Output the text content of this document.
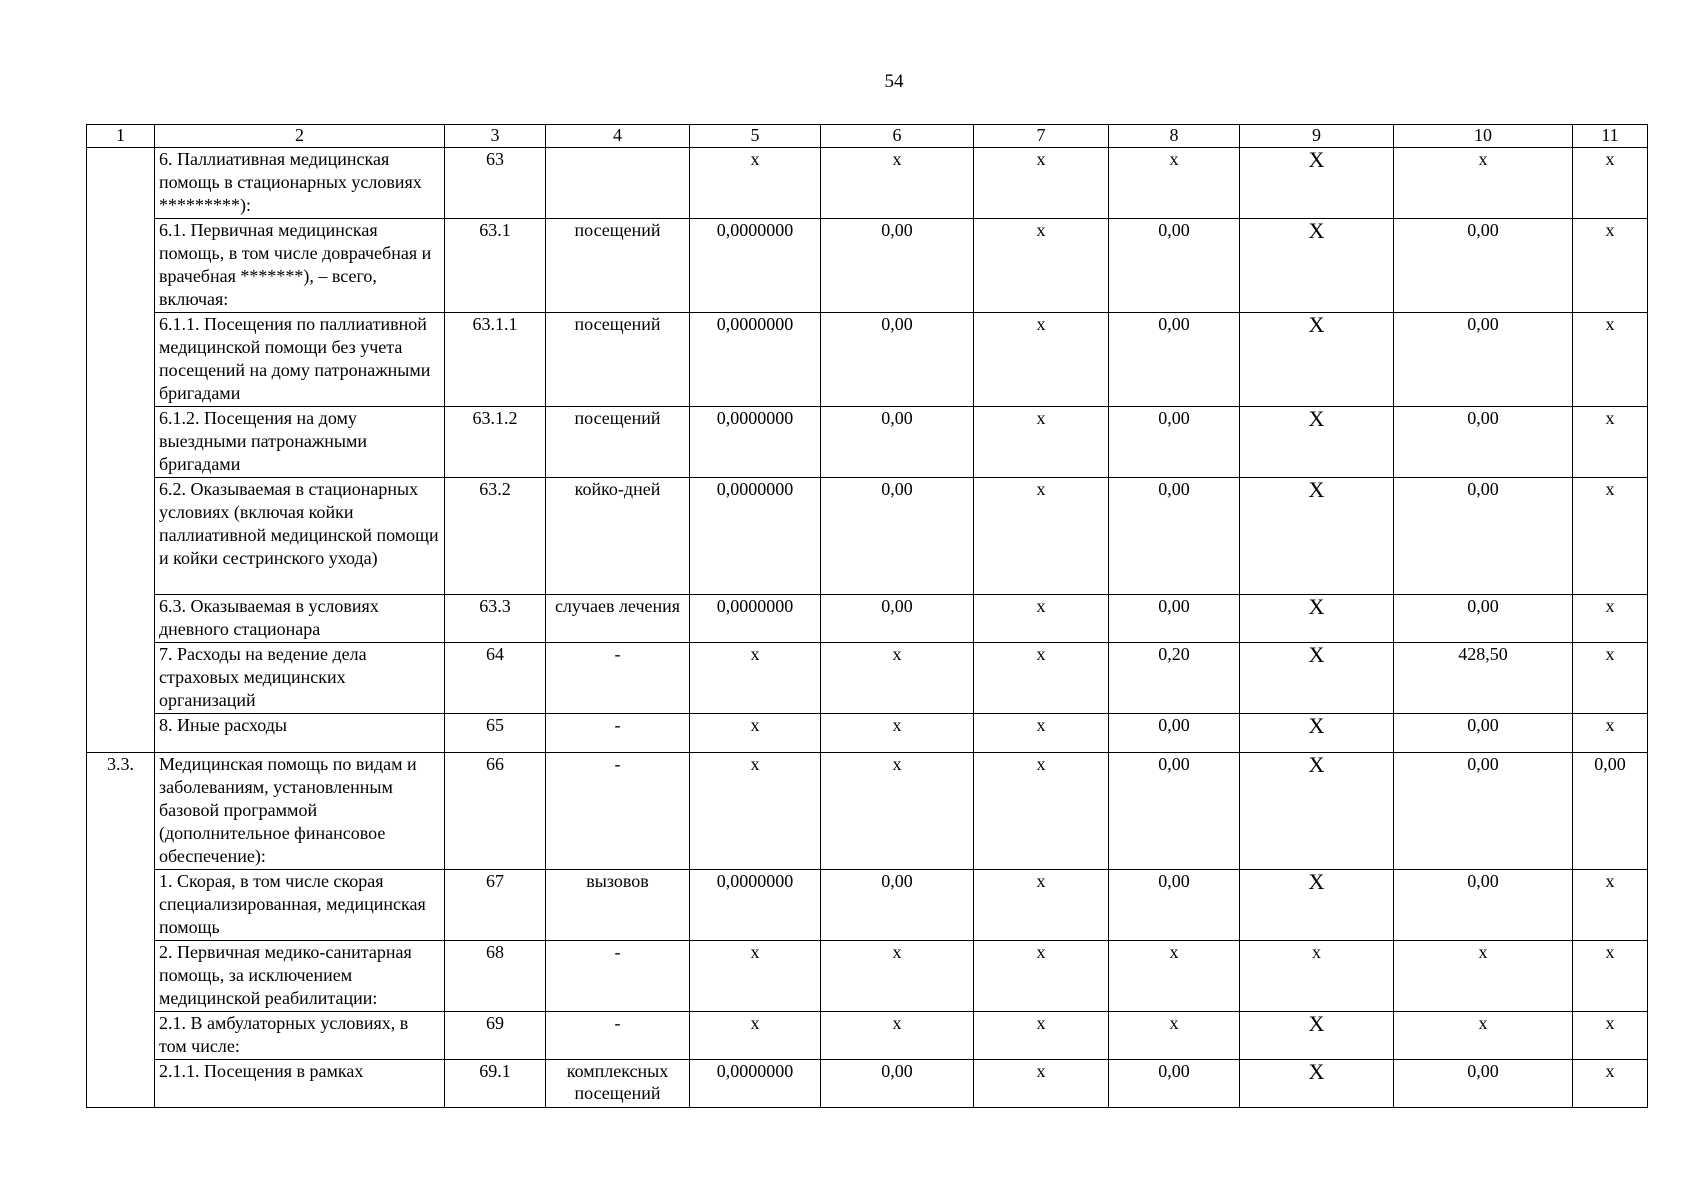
54
1	2	3	4	5	6	7	8	9	10	11
	6. Паллиативная медицинская помощь в стационарных условиях *********):	63		х	х	х	х	Х	х	х
	6.1. Первичная медицинская помощь, в том числе доврачебная и врачебная *******), – всего, включая:	63.1	посещений	0,0000000	0,00	х	0,00	Х	0,00	х
	6.1.1. Посещения по паллиативной медицинской помощи без учета посещений на дому патронажными бригадами	63.1.1	посещений	0,0000000	0,00	х	0,00	Х	0,00	х
	6.1.2. Посещения на дому выездными патронажными бригадами	63.1.2	посещений	0,0000000	0,00	х	0,00	Х	0,00	х
	6.2. Оказываемая в стационарных условиях (включая койки паллиативной медицинской помощи и койки сестринского ухода)	63.2	койко-дней	0,0000000	0,00	х	0,00	Х	0,00	х
	6.3. Оказываемая в условиях дневного стационара	63.3	случаев лечения	0,0000000	0,00	х	0,00	Х	0,00	х
	7. Расходы на ведение дела страховых медицинских организаций	64	-	х	х	х	0,20	Х	428,50	х
	8. Иные расходы	65	-	х	х	х	0,00	Х	0,00	х
3.3.	Медицинская помощь по видам и заболеваниям, установленным базовой программой (дополнительное финансовое обеспечение):	66	-	х	х	х	0,00	Х	0,00	0,00
	1. Скорая, в том числе скорая специализированная, медицинская помощь	67	вызовов	0,0000000	0,00	х	0,00	Х	0,00	х
	2. Первичная медико-санитарная помощь, за исключением медицинской реабилитации:	68	-	х	х	х	х	х	х	х
	2.1. В амбулаторных условиях, в том числе:	69	-	х	х	х	х	Х	х	х
	2.1.1. Посещения в рамках	69.1	комплексных посещений	0,0000000	0,00	х	0,00	Х	0,00	х
